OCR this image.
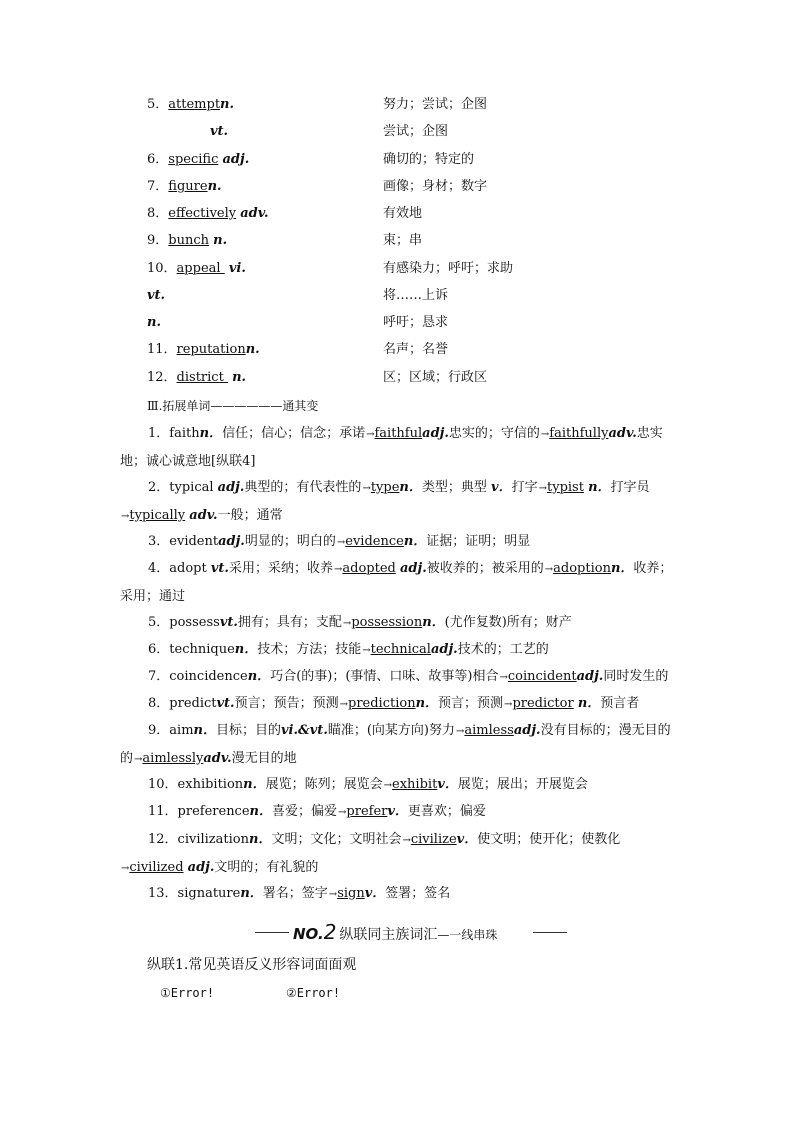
5．attemptn.	努力；尝试；企图
vt.	尝试；企图
6．specific adj.	确切的；特定的
7．figuren.	画像；身材；数字
8．effectively adv.	有效地
9．bunch n.	束；串
10．appeal vi.	有感染力；呼吁；求助
vt.	将……上诉
n.	呼吁；恳求
11．reputationn.	名声；名誉
12．district n.	区；区域；行政区
Ⅲ.拓展单词——————通其变
1．faithn．信任；信心；信念；承诺→ faithfuladj.忠实的；守信的→ faithfullyadv.忠实地；诚心诚意地[纵联4]
2．typical adj.典型的；有代表性的→ typen．类型；典型 v．打字→ typist n．打字员→ typically adv.一般；通常
3．evidentadj.明显的；明白的→ evidencen．证据；证明；明显
4．adopt vt.采用；采纳；收养→ adopted adj.被收养的；被采用的→ adoptionn．收养；采用；通过
5．possessvt.拥有；具有；支配→ possessionn．(尤作复数)所有；财产
6．techniquen．技术；方法；技能→ technicaladj.技术的；工艺的
7．coincidencen．巧合(的事)；(事情、口味、故事等)相合→ coincidentadj.同时发生的
8．predictvt.预言；预告；预测→ predictionn．预言；预测→ predictor n．预言者
9．aimn．目标；目的vi.&vt.瞄准；(向某方向)努力→ aimlessadj.没有目标的；漫无目的的→ aimlesslyadv.漫无目的地
10．exhibitionn．展览；陈列；展览会→ exhibitv．展览；展出；开展览会
11．preferencen．喜爱；偏爱→ preferv．更喜欢；偏爱
12．civilizationn．文明；文化；文明社会→ civilizev．使文明；使开化；使教化→ civilized adj.文明的；有礼貌的
13．signaturen．署名；签字→ signv．签署；签名
NO.2 纵联同主族词汇—一线串珠
纵联1.常见英语反义形容词面面观
①Error!	②Error!
